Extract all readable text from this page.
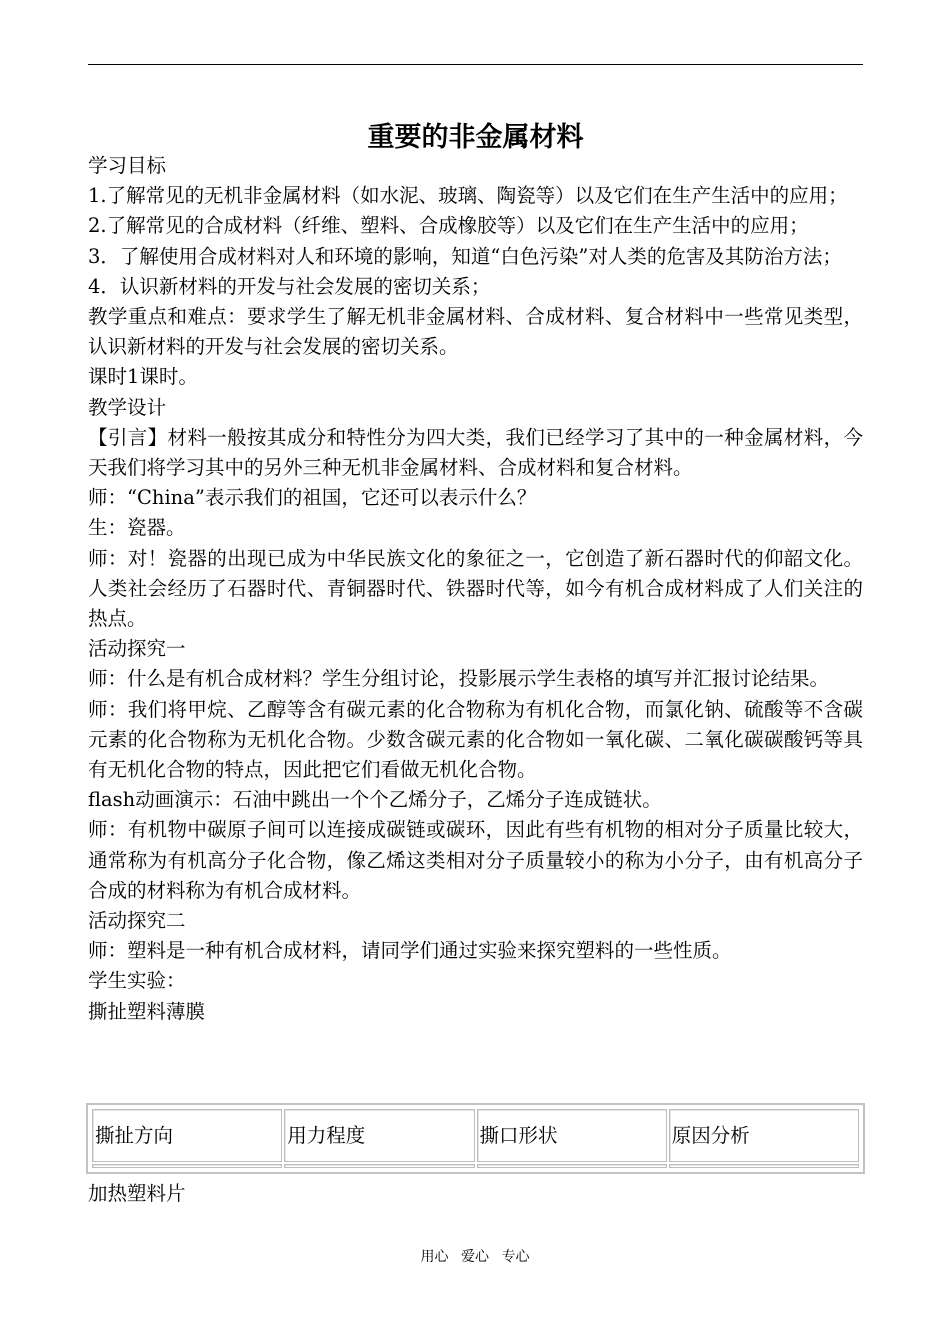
重要的非金属材料

学习目标

1.了解常见的无机非金属材料（如水泥、玻璃、陶瓷等）以及它们在生产生活中的应用；

2.了解常见的合成材料（纤维、塑料、合成橡胶等）以及它们在生产生活中的应用；

3．了解使用合成材料对人和环境的影响，知道“白色污染”对人类的危害及其防治方法；

4．认识新材料的开发与社会发展的密切关系；

教学重点和难点：要求学生了解无机非金属材料、合成材料、复合材料中一些常见类型，认识新材料的开发与社会发展的密切关系。

课时1课时。

教学设计

【引言】材料一般按其成分和特性分为四大类，我们已经学习了其中的一种金属材料，今天我们将学习其中的另外三种无机非金属材料、合成材料和复合材料。

师：“China”表示我们的祖国，它还可以表示什么？

生：瓷器。

师：对！瓷器的出现已成为中华民族文化的象征之一，它创造了新石器时代的仰韶文化。人类社会经历了石器时代、青铜器时代、铁器时代等，如今有机合成材料成了人们关注的热点。

活动探究一

师：什么是有机合成材料？学生分组讨论，投影展示学生表格的填写并汇报讨论结果。

师：我们将甲烷、乙醇等含有碳元素的化合物称为有机化合物，而氯化钠、硫酸等不含碳元素的化合物称为无机化合物。少数含碳元素的化合物如一氧化碳、二氧化碳碳酸钙等具有无机化合物的特点，因此把它们看做无机化合物。

flash动画演示：石油中跳出一个个乙烯分子，乙烯分子连成链状。

师：有机物中碳原子间可以连接成碳链或碳环，因此有些有机物的相对分子质量比较大，通常称为有机高分子化合物，像乙烯这类相对分子质量较小的称为小分子，由有机高分子合成的材料称为有机合成材料。

活动探究二

师：塑料是一种有机合成材料，请同学们通过实验来探究塑料的一些性质。

学生实验：

撕扯塑料薄膜

撕扯方向	用力程度	撕口形状	原因分析

加热塑料片
用心 爱心 专心
